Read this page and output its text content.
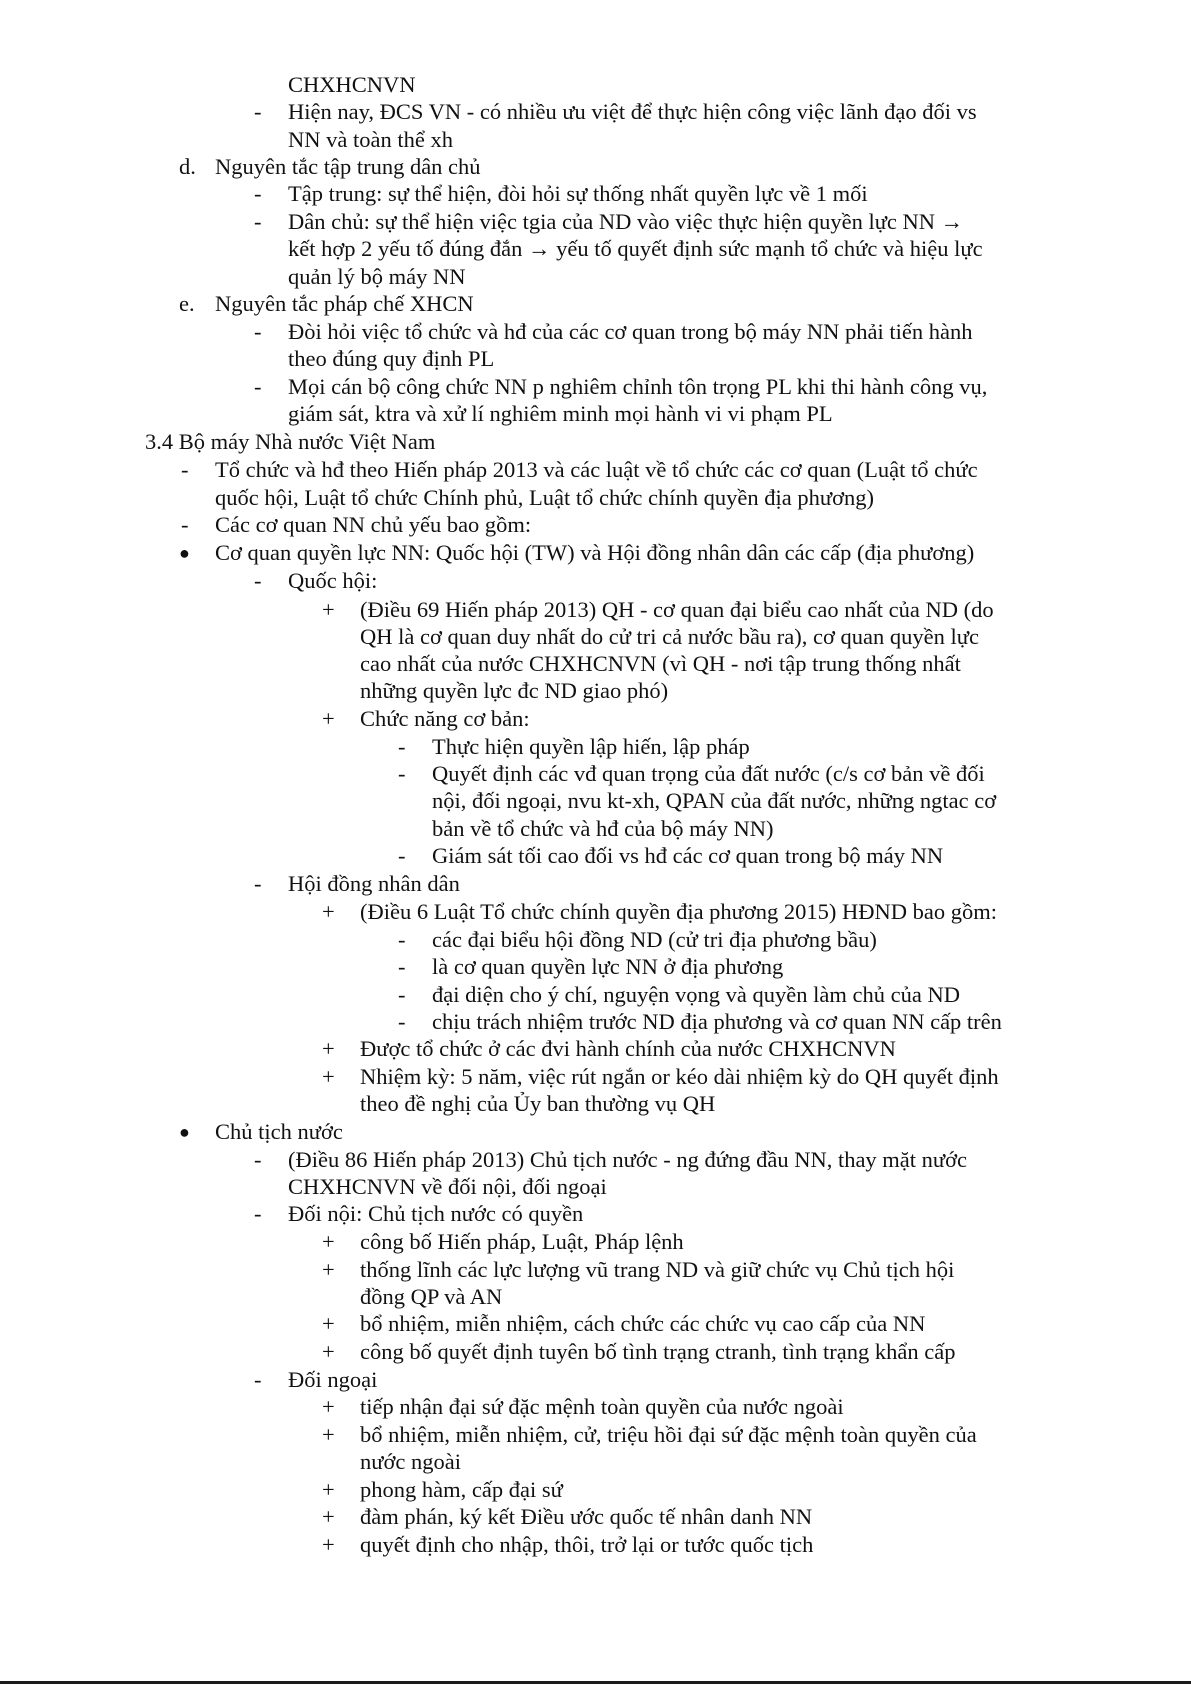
CHXHCNVN
- Hiện nay, ĐCS VN - có nhiều ưu việt để thực hiện công việc lãnh đạo đối vs
NN và toàn thể xh
d. Nguyên tắc tập trung dân chủ
- Tập trung: sự thể hiện, đòi hỏi sự thống nhất quyền lực về 1 mối
- Dân chủ: sự thể hiện việc tgia của ND vào việc thực hiện quyền lực NN →
kết hợp 2 yếu tố đúng đắn → yếu tố quyết định sức mạnh tổ chức và hiệu lực
quản lý bộ máy NN
e. Nguyên tắc pháp chế XHCN
- Đòi hỏi việc tổ chức và hđ của các cơ quan trong bộ máy NN phải tiến hành
theo đúng quy định PL
- Mọi cán bộ công chức NN p nghiêm chỉnh tôn trọng PL khi thi hành công vụ,
giám sát, ktra và xử lí nghiêm minh mọi hành vi vi phạm PL
3.4 Bộ máy Nhà nước Việt Nam
- Tổ chức và hđ theo Hiến pháp 2013 và các luật về tổ chức các cơ quan (Luật tổ chức
quốc hội, Luật tổ chức Chính phủ, Luật tổ chức chính quyền địa phương)
- Các cơ quan NN chủ yếu bao gồm:
● Cơ quan quyền lực NN: Quốc hội (TW) và Hội đồng nhân dân các cấp (địa phương)
- Quốc hội:
+ (Điều 69 Hiến pháp 2013) QH - cơ quan đại biểu cao nhất của ND (do
QH là cơ quan duy nhất do cử tri cả nước bầu ra), cơ quan quyền lực
cao nhất của nước CHXHCNVN (vì QH - nơi tập trung thống nhất
những quyền lực đc ND giao phó)
+ Chức năng cơ bản:
- Thực hiện quyền lập hiến, lập pháp
- Quyết định các vđ quan trọng của đất nước (c/s cơ bản về đối
nội, đối ngoại, nvu kt-xh, QPAN của đất nước, những ngtac cơ
bản về tổ chức và hđ của bộ máy NN)
- Giám sát tối cao đối vs hđ các cơ quan trong bộ máy NN
- Hội đồng nhân dân
+ (Điều 6 Luật Tổ chức chính quyền địa phương 2015) HĐND bao gồm:
- các đại biểu hội đồng ND (cử tri địa phương bầu)
- là cơ quan quyền lực NN ở địa phương
- đại diện cho ý chí, nguyện vọng và quyền làm chủ của ND
- chịu trách nhiệm trước ND địa phương và cơ quan NN cấp trên
+ Được tổ chức ở các đvi hành chính của nước CHXHCNVN
+ Nhiệm kỳ: 5 năm, việc rút ngắn or kéo dài nhiệm kỳ do QH quyết định
theo đề nghị của Ủy ban thường vụ QH
● Chủ tịch nước
- (Điều 86 Hiến pháp 2013) Chủ tịch nước - ng đứng đầu NN, thay mặt nước
CHXHCNVN về đối nội, đối ngoại
- Đối nội: Chủ tịch nước có quyền
+ công bố Hiến pháp, Luật, Pháp lệnh
+ thống lĩnh các lực lượng vũ trang ND và giữ chức vụ Chủ tịch hội
đồng QP và AN
+ bổ nhiệm, miễn nhiệm, cách chức các chức vụ cao cấp của NN
+ công bố quyết định tuyên bố tình trạng ctranh, tình trạng khẩn cấp
- Đối ngoại
+ tiếp nhận đại sứ đặc mệnh toàn quyền của nước ngoài
+ bổ nhiệm, miễn nhiệm, cử, triệu hồi đại sứ đặc mệnh toàn quyền của
nước ngoài
+ phong hàm, cấp đại sứ
+ đàm phán, ký kết Điều ước quốc tế nhân danh NN
+ quyết định cho nhập, thôi, trở lại or tước quốc tịch
